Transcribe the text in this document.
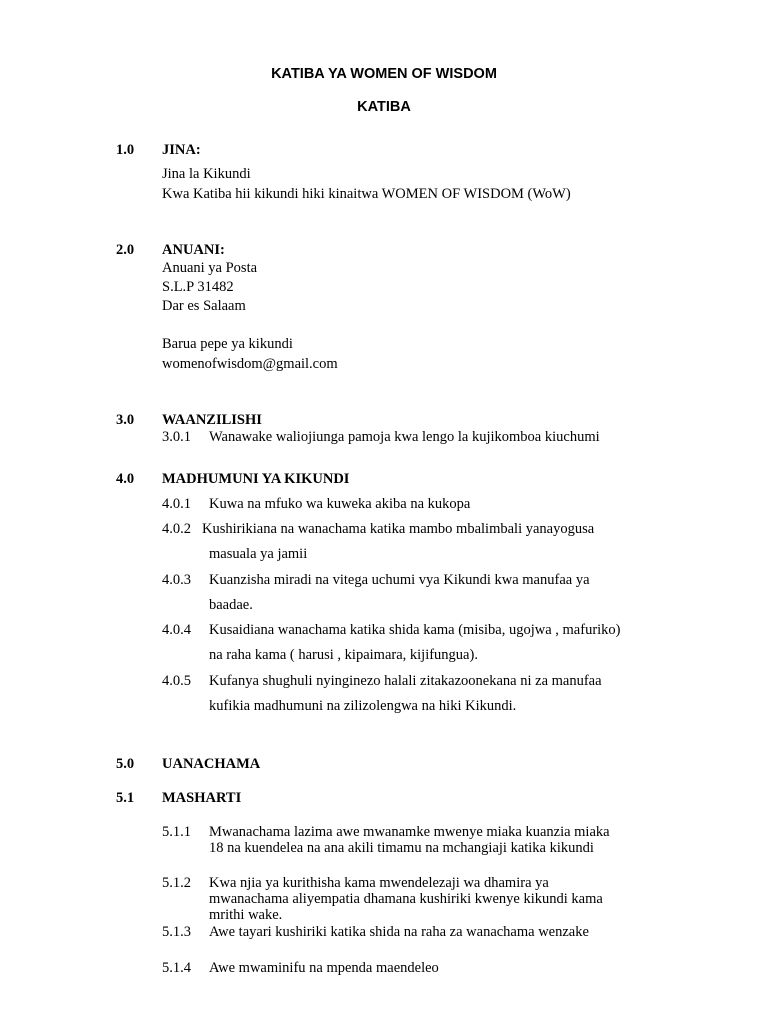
KATIBA YA WOMEN OF WISDOM
KATIBA
1.0 JINA:
Jina la Kikundi
Kwa Katiba hii kikundi hiki kinaitwa WOMEN OF WISDOM (WoW)
2.0 ANUANI:
Anuani ya Posta
S.L.P 31482
Dar es Salaam
Barua pepe ya kikundi
womenofwisdom@gmail.com
3.0 WAANZILISHI
3.0.1 Wanawake waliojiunga pamoja kwa lengo la kujikomboa kiuchumi
4.0 MADHUMUNI YA KIKUNDI
4.0.1 Kuwa na mfuko wa kuweka akiba na kukopa
4.0.2 Kushirikiana na wanachama katika mambo mbalimbali yanayogusa
masuala ya jamii
4.0.3 Kuanzisha miradi na vitega uchumi vya Kikundi kwa manufaa ya
baadae.
4.0.4 Kusaidiana wanachama katika shida kama (misiba, ugojwa , mafuriko)
na raha kama ( harusi , kipaimara, kijifungua).
4.0.5 Kufanya shughuli nyinginezo halali zitakazoonekana ni za manufaa
kufikia madhumuni na zilizolengwa na hiki Kikundi.
5.0 UANACHAMA
5.1 MASHARTI
5.1.1 Mwanachama lazima awe mwanamke mwenye miaka kuanzia miaka
18 na kuendelea na ana akili timamu na mchangiaji katika kikundi
5.1.2 Kwa njia ya kurithisha kama mwendelezaji wa dhamira ya
mwanachama aliyempatia dhamana kushiriki kwenye kikundi kama
mrithi wake.
5.1.3 Awe tayari kushiriki katika shida na raha za wanachama wenzake
5.1.4 Awe mwaminifu na mpenda maendeleo
